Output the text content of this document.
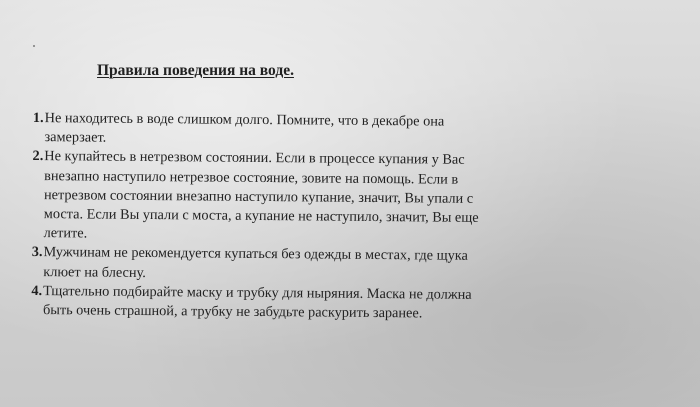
Правила поведения на воде.
1. Не находитесь в воде слишком долго. Помните, что в декабре она
замерзает.
2. Не купайтесь в нетрезвом состоянии. Если в процессе купания у Вас
внезапно наступило нетрезвое состояние, зовите на помощь. Если в
нетрезвом состоянии внезапно наступило купание, значит, Вы упали с
моста. Если Вы упали с моста, а купание не наступило, значит, Вы еще
летите.
3. Мужчинам не рекомендуется купаться без одежды в местах, где щука
клюет на блесну.
4. Тщательно подбирайте маску и трубку для ныряния. Маска не должна
быть очень страшной, а трубку не забудьте раскурить заранее.
